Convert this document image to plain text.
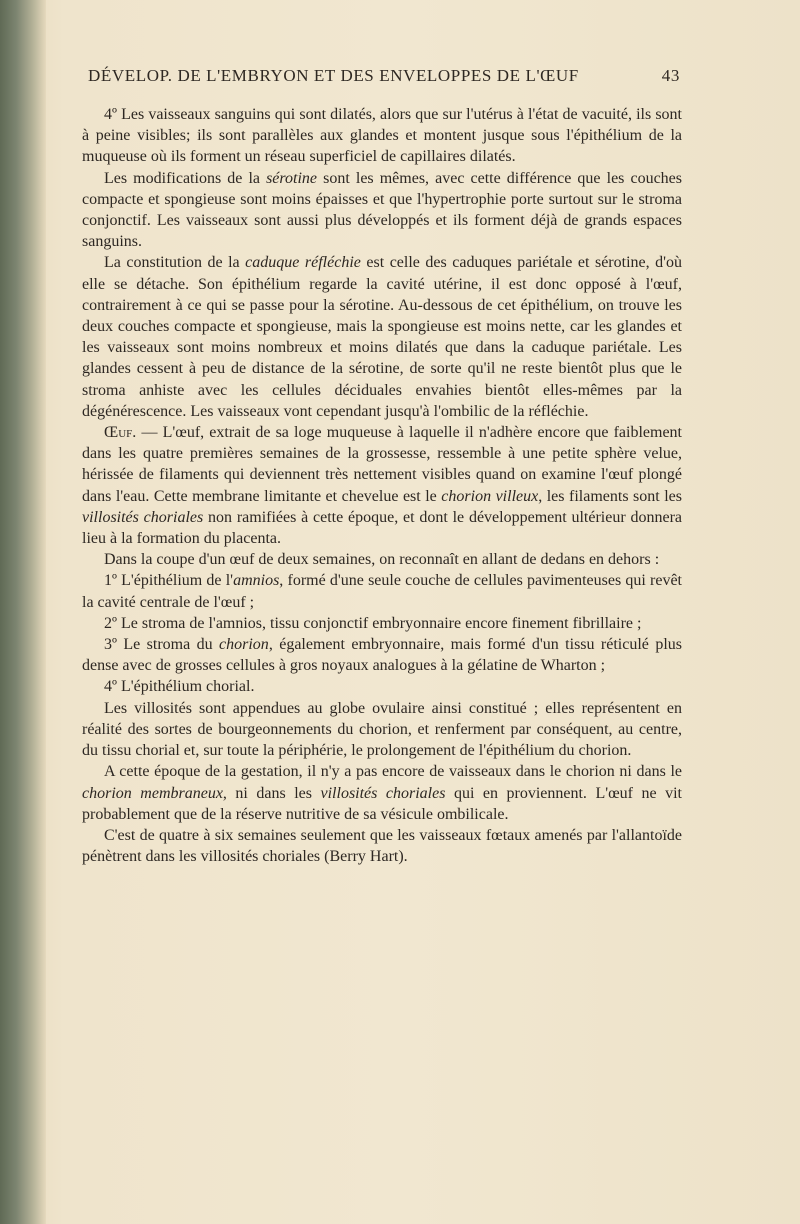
DÉVELOP. DE L'EMBRYON ET DES ENVELOPPES DE L'ŒUF	43

4º Les vaisseaux sanguins qui sont dilatés, alors que sur l'utérus à l'état de vacuité, ils sont à peine visibles; ils sont parallèles aux glandes et montent jusque sous l'épithélium de la muqueuse où ils forment un réseau superficiel de capillaires dilatés.

Les modifications de la sérotine sont les mêmes, avec cette différence que les couches compacte et spongieuse sont moins épaisses et que l'hypertrophie porte surtout sur le stroma conjonctif. Les vaisseaux sont aussi plus développés et ils forment déjà de grands espaces sanguins.

La constitution de la caduque réfléchie est celle des caduques pariétale et sérotine, d'où elle se détache. Son épithélium regarde la cavité utérine, il est donc opposé à l'œuf, contrairement à ce qui se passe pour la sérotine. Au-dessous de cet épithélium, on trouve les deux couches compacte et spongieuse, mais la spongieuse est moins nette, car les glandes et les vaisseaux sont moins nombreux et moins dilatés que dans la caduque pariétale. Les glandes cessent à peu de distance de la sérotine, de sorte qu'il ne reste bientôt plus que le stroma anhiste avec les cellules déciduales envahies bientôt elles-mêmes par la dégénérescence. Les vaisseaux vont cependant jusqu'à l'ombilic de la réfléchie.

Œuf. — L'œuf, extrait de sa loge muqueuse à laquelle il n'adhère encore que faiblement dans les quatre premières semaines de la grossesse, ressemble à une petite sphère velue, hérissée de filaments qui deviennent très nettement visibles quand on examine l'œuf plongé dans l'eau. Cette membrane limitante et chevelue est le chorion villeux, les filaments sont les villosités choriales non ramifiées à cette époque, et dont le développement ultérieur donnera lieu à la formation du placenta.

Dans la coupe d'un œuf de deux semaines, on reconnaît en allant de dedans en dehors :

1º L'épithélium de l'amnios, formé d'une seule couche de cellules pavimenteuses qui revêt la cavité centrale de l'œuf ;

2º Le stroma de l'amnios, tissu conjonctif embryonnaire encore finement fibrillaire ;

3º Le stroma du chorion, également embryonnaire, mais formé d'un tissu réticulé plus dense avec de grosses cellules à gros noyaux analogues à la gélatine de Wharton ;

4º L'épithélium chorial.

Les villosités sont appendues au globe ovulaire ainsi constitué ; elles représentent en réalité des sortes de bourgeonnements du chorion, et renferment par conséquent, au centre, du tissu chorial et, sur toute la périphérie, le prolongement de l'épithélium du chorion.

A cette époque de la gestation, il n'y a pas encore de vaisseaux dans le chorion ni dans le chorion membraneux, ni dans les villosités choriales qui en proviennent. L'œuf ne vit probablement que de la réserve nutritive de sa vésicule ombilicale.

C'est de quatre à six semaines seulement que les vaisseaux fœtaux amenés par l'allantoïde pénètrent dans les villosités choriales (Berry Hart).
